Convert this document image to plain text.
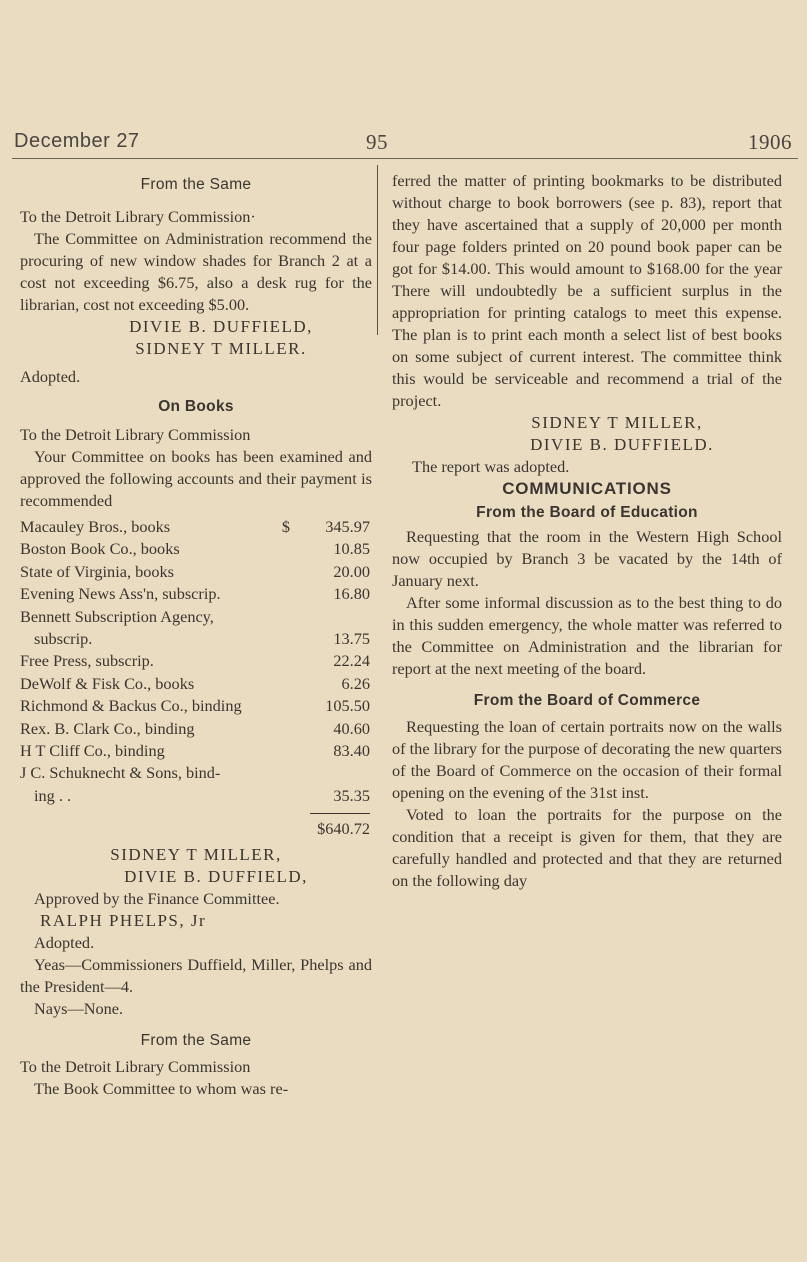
December 27	95	1906
From the Same

To the Detroit Library Commission·

The Committee on Administration recommend the procuring of new window shades for Branch 2 at a cost not exceeding $6.75, also a desk rug for the librarian, cost not exceeding $5.00.

DIVIE B. DUFFIELD,

SIDNEY T MILLER.

Adopted.

On Books

To the Detroit Library Commission

Your Committee on books has been examined and approved the following accounts and their payment is recommended

Macauley Bros., books	$	345.97
Boston Book Co., books		10.85
State of Virginia, books		20.00
Evening News Ass'n, subscrip.		16.80
Bennett Subscription Agency,		
subscrip.		13.75
Free Press, subscrip.		22.24
DeWolf & Fisk Co., books		6.26
Richmond & Backus Co., binding		105.50
Rex. B. Clark Co., binding		40.60
H T Cliff Co., binding		83.40
J C. Schuknecht & Sons, bind-		
ing . .		35.35

$640.72

SIDNEY T MILLER,

DIVIE B. DUFFIELD,

Approved by the Finance Committee.

RALPH PHELPS, Jr

Adopted.

Yeas—Commissioners Duffield, Miller, Phelps and the President—4.

Nays—None.

From the Same

To the Detroit Library Commission

The Book Committee to whom was re-

ferred the matter of printing bookmarks to be distributed without charge to book borrowers (see p. 83), report that they have ascertained that a supply of 20,000 per month four page folders printed on 20 pound book paper can be got for $14.00. This would amount to $168.00 for the year There will undoubtedly be a sufficient surplus in the appropriation for printing catalogs to meet this expense. The plan is to print each month a select list of best books on some subject of current interest. The committee think this would be serviceable and recommend a trial of the project.

SIDNEY T MILLER,

DIVIE B. DUFFIELD.

The report was adopted.

COMMUNICATIONS
From the Board of Education

Requesting that the room in the Western High School now occupied by Branch 3 be vacated by the 14th of January next.

After some informal discussion as to the best thing to do in this sudden emergency, the whole matter was referred to the Committee on Administration and the librarian for report at the next meeting of the board.

From the Board of Commerce

Requesting the loan of certain portraits now on the walls of the library for the purpose of decorating the new quarters of the Board of Commerce on the occasion of their formal opening on the evening of the 31st inst.

Voted to loan the portraits for the purpose on the condition that a receipt is given for them, that they are carefully handled and protected and that they are returned on the following day
